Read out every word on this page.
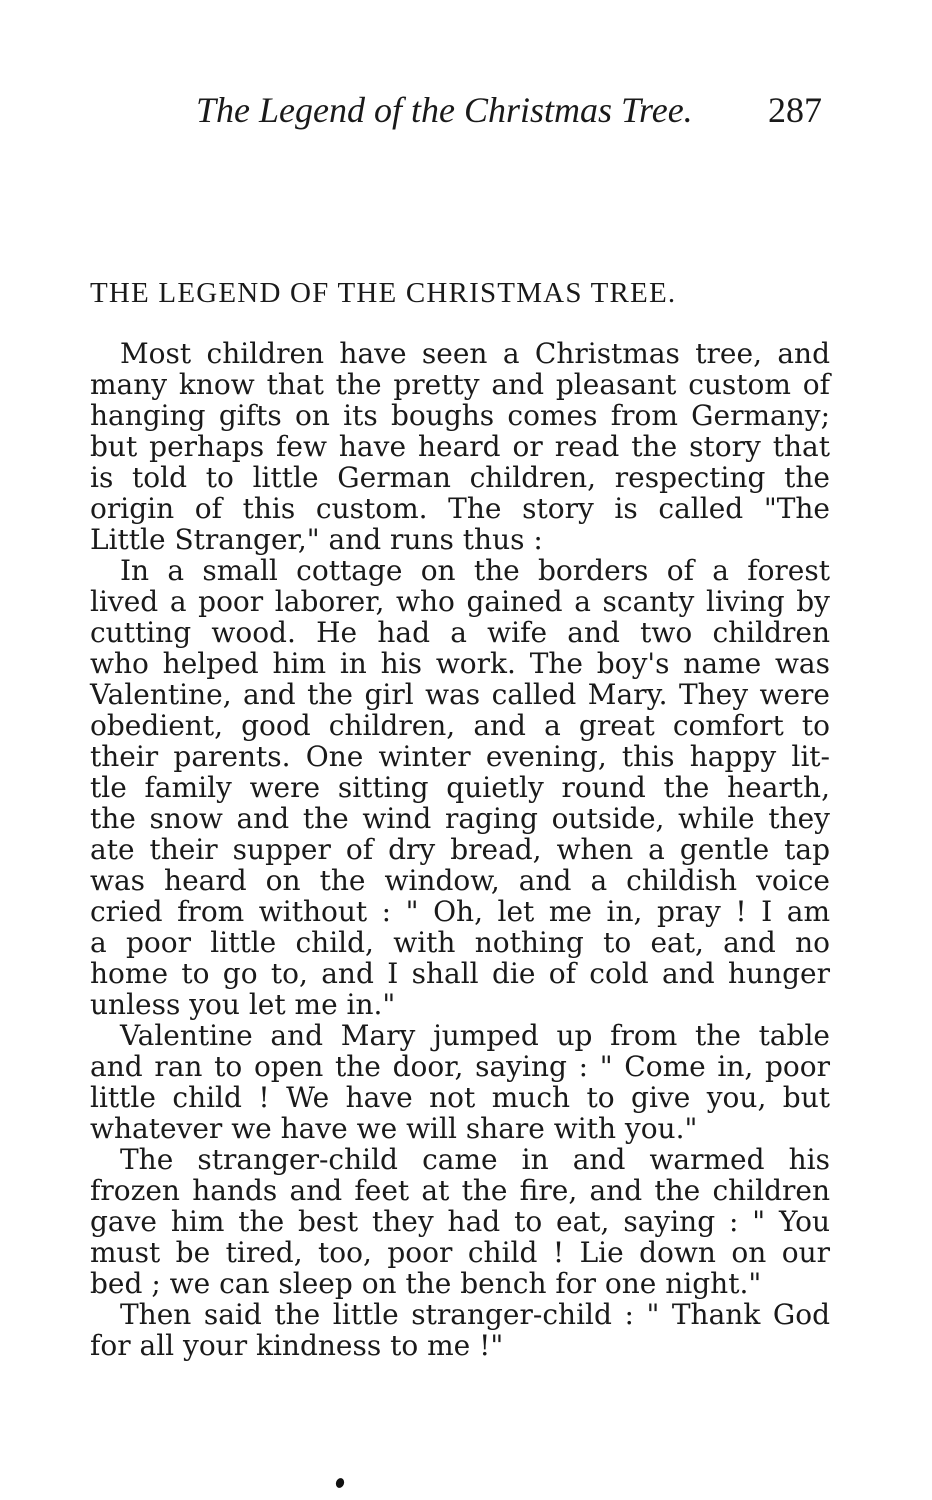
The Legend of the Christmas Tree. 287
THE LEGEND OF THE CHRISTMAS TREE.
Most children have seen a Christmas tree, and
many know that the pretty and pleasant custom of
hanging gifts on its boughs comes from Germany;
but perhaps few have heard or read the story that
is told to little German children, respecting the
origin of this custom. The story is called "The
Little Stranger," and runs thus :
In a small cottage on the borders of a forest
lived a poor laborer, who gained a scanty living by
cutting wood. He had a wife and two children
who helped him in his work. The boy's name was
Valentine, and the girl was called Mary. They were
obedient, good children, and a great comfort to
their parents. One winter evening, this happy lit-
tle family were sitting quietly round the hearth,
the snow and the wind raging outside, while they
ate their supper of dry bread, when a gentle tap
was heard on the window, and a childish voice
cried from without : " Oh, let me in, pray ! I am
a poor little child, with nothing to eat, and no
home to go to, and I shall die of cold and hunger
unless you let me in."
Valentine and Mary jumped up from the table
and ran to open the door, saying : " Come in, poor
little child ! We have not much to give you, but
whatever we have we will share with you."
The stranger-child came in and warmed his
frozen hands and feet at the fire, and the children
gave him the best they had to eat, saying : " You
must be tired, too, poor child ! Lie down on our
bed ; we can sleep on the bench for one night."
Then said the little stranger-child : " Thank God
for all your kindness to me !"
